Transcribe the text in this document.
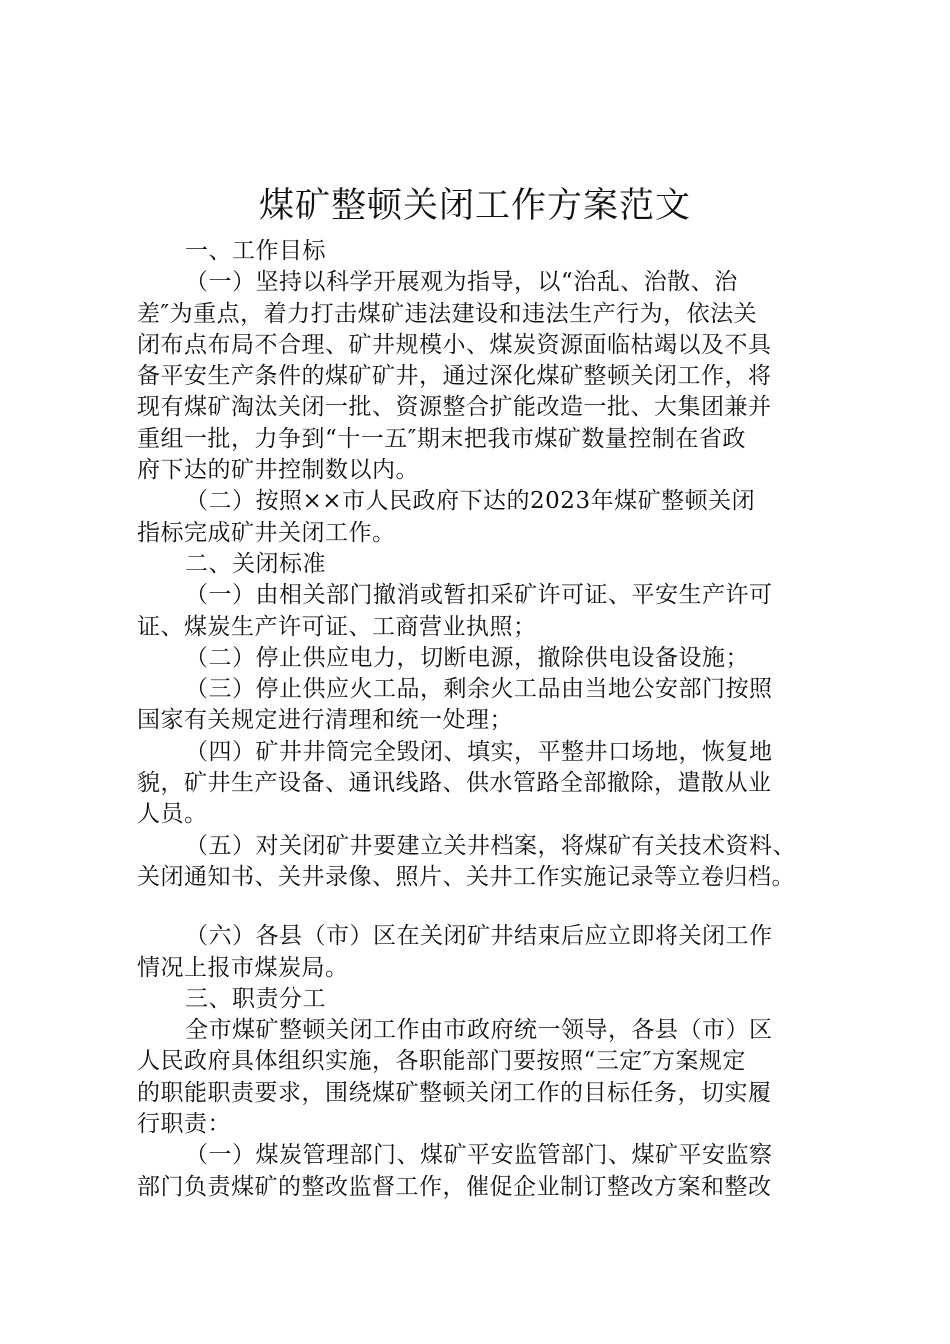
煤矿整顿关闭工作方案范文
一、工作目标
（一）坚持以科学开展观为指导，以“治乱、治散、治
差″为重点，着力打击煤矿违法建设和违法生产行为，依法关
闭布点布局不合理、矿井规模小、煤炭资源面临枯竭以及不具
备平安生产条件的煤矿矿井，通过深化煤矿整顿关闭工作，将
现有煤矿淘汰关闭一批、资源整合扩能改造一批、大集团兼并
重组一批，力争到“十一五″期末把我市煤矿数量控制在省政
府下达的矿井控制数以内。
（二）按照××市人民政府下达的2023年煤矿整顿关闭
指标完成矿井关闭工作。
二、关闭标准
（一）由相关部门撤消或暂扣采矿许可证、平安生产许可
证、煤炭生产许可证、工商营业执照；
（二）停止供应电力，切断电源，撤除供电设备设施；
（三）停止供应火工品，剩余火工品由当地公安部门按照
国家有关规定进行清理和统一处理；
（四）矿井井筒完全毁闭、填实，平整井口场地，恢复地
貌，矿井生产设备、通讯线路、供水管路全部撤除，遣散从业
人员。
（五）对关闭矿井要建立关井档案，将煤矿有关技术资料、
关闭通知书、关井录像、照片、关井工作实施记录等立卷归档。
（六）各县（市）区在关闭矿井结束后应立即将关闭工作
情况上报市煤炭局。
三、职责分工
全市煤矿整顿关闭工作由市政府统一领导，各县（市）区
人民政府具体组织实施，各职能部门要按照“三定″方案规定
的职能职责要求，围绕煤矿整顿关闭工作的目标任务，切实履
行职责：
（一）煤炭管理部门、煤矿平安监管部门、煤矿平安监察
部门负责煤矿的整改监督工作，催促企业制订整改方案和整改
